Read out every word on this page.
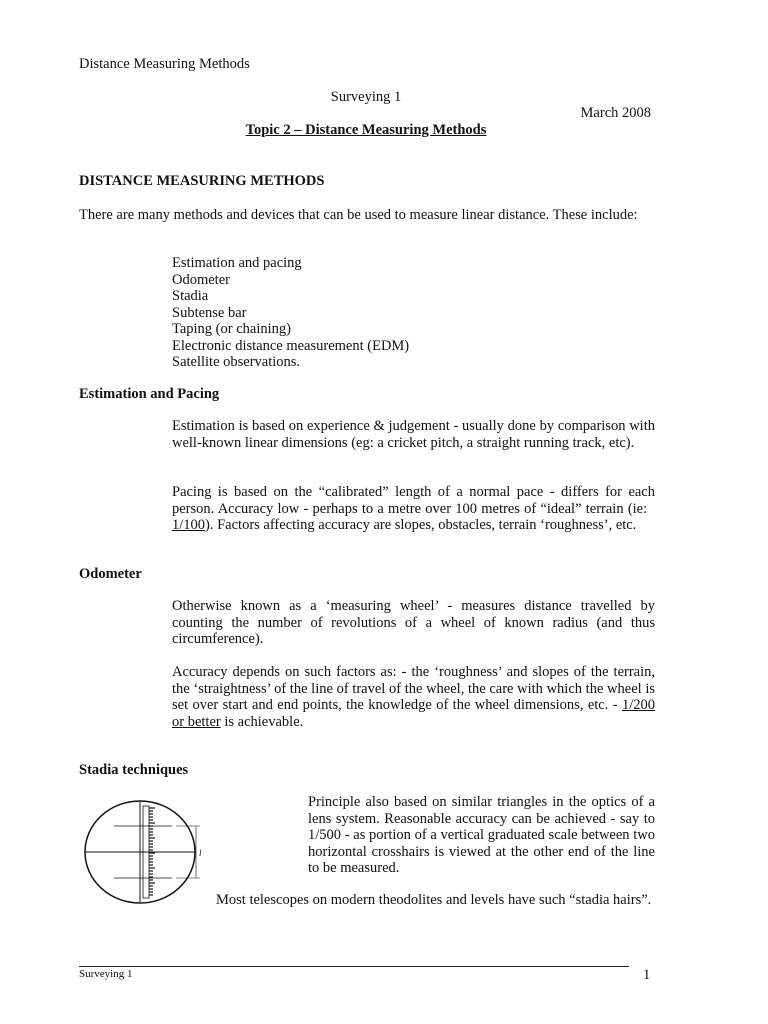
Distance Measuring Methods
Surveying 1
March 2008
Topic 2 – Distance Measuring Methods
DISTANCE MEASURING METHODS
There are many methods and devices that can be used to measure linear distance. These include:
Estimation and pacing
Odometer
Stadia
Subtense bar
Taping (or chaining)
Electronic distance measurement (EDM)
Satellite observations.
Estimation and Pacing
Estimation is based on experience & judgement - usually done by comparison with well-known linear dimensions (eg: a cricket pitch, a straight running track, etc).
Pacing is based on the “calibrated” length of a normal pace - differs for each person. Accuracy low - perhaps to a metre over 100 metres of “ideal” terrain (ie:   1/100). Factors affecting accuracy are slopes, obstacles, terrain ‘roughness’, etc.
Odometer
Otherwise known as a ‘measuring wheel’ - measures distance travelled by counting the number of revolutions of a wheel of known radius (and thus circumference).
Accuracy depends on such factors as: - the ‘roughness’ and slopes of the terrain, the ‘straightness’ of the line of travel of the wheel, the care with which the wheel is set over start and end points, the knowledge of the wheel dimensions, etc. - 1/200 or better is achievable.
Stadia techniques
l
Principle also based on similar triangles in the optics of a lens system. Reasonable accuracy can be achieved - say to 1/500 - as portion of a vertical graduated scale between two horizontal crosshairs is viewed at the other end of the line to be measured.
Most telescopes on modern theodolites and levels have such “stadia hairs”.
Surveying 1	1
